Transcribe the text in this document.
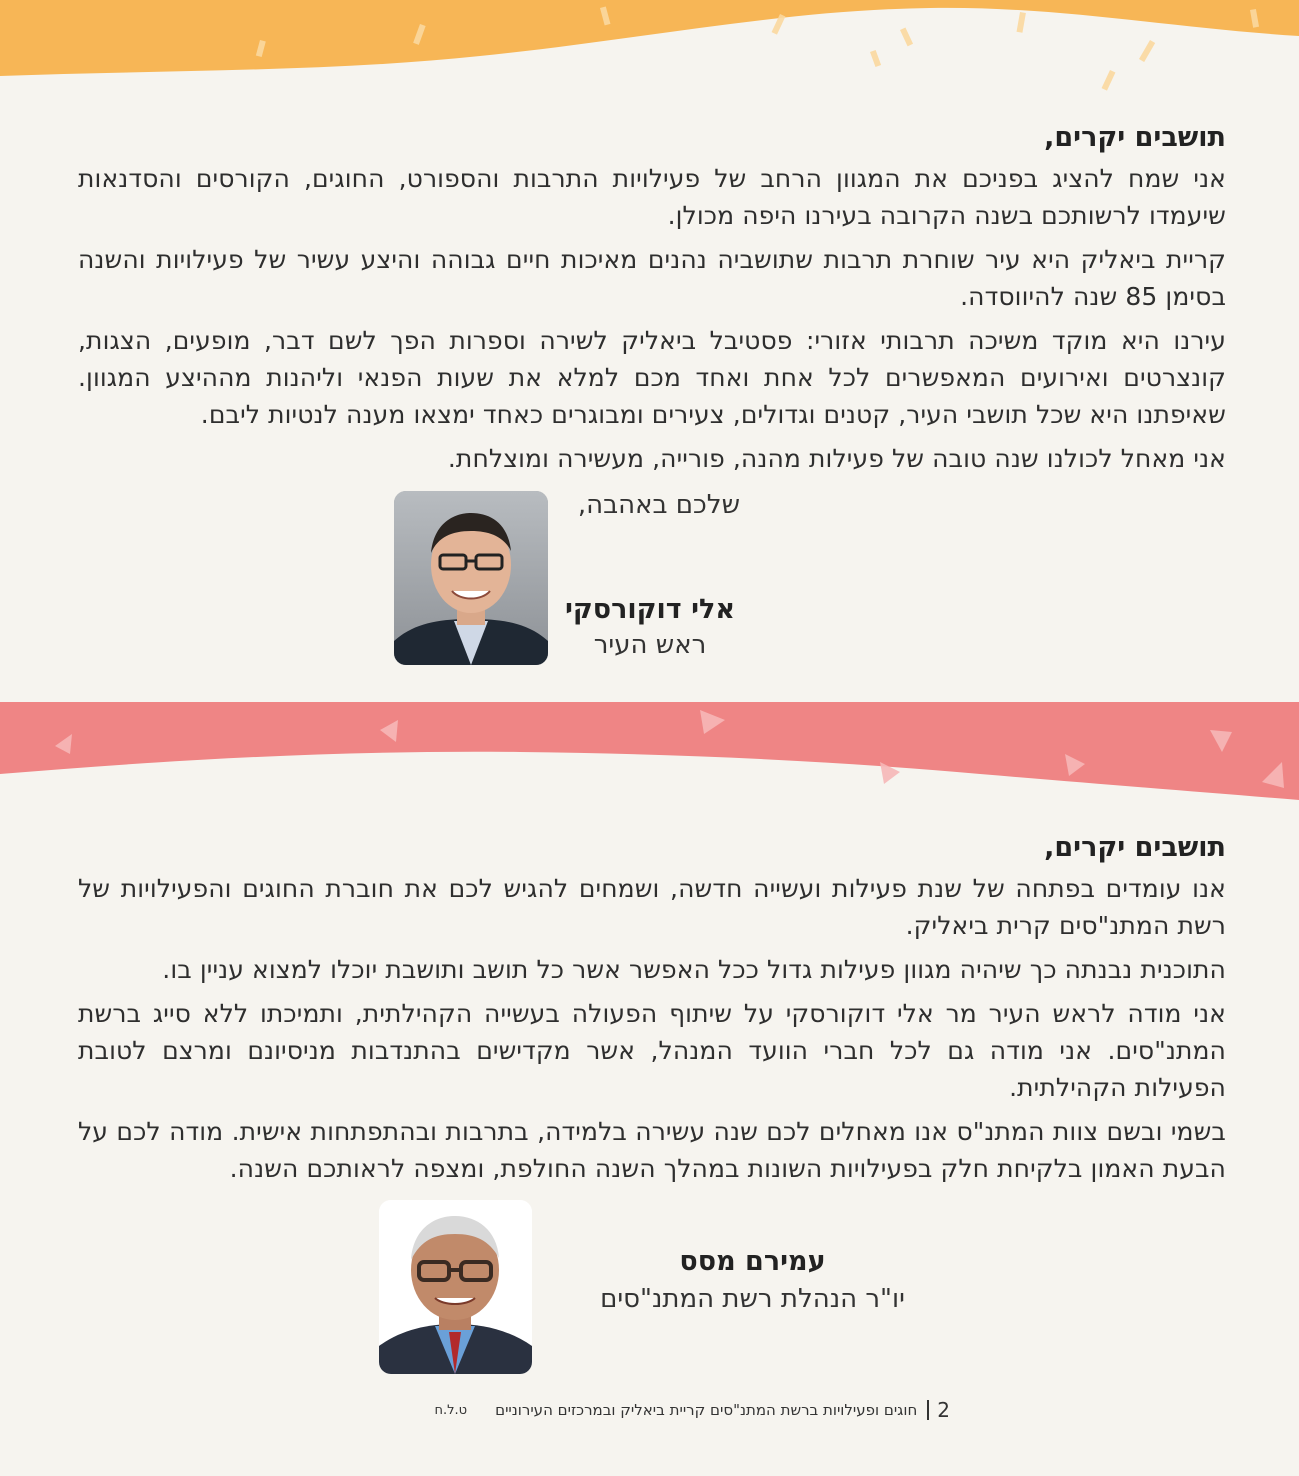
תושבים יקרים,

אני שמח להציג בפניכם את המגוון הרחב של פעילויות התרבות והספורט, החוגים, הקורסים והסדנאות שיעמדו לרשותכם בשנה הקרובה בעירנו היפה מכולן.

קריית ביאליק היא עיר שוחרת תרבות שתושביה נהנים מאיכות חיים גבוהה והיצע עשיר של פעילויות והשנה בסימן 85 שנה להיווסדה.

עירנו היא מוקד משיכה תרבותי אזורי: פסטיבל ביאליק לשירה וספרות הפך לשם דבר, מופעים, הצגות, קונצרטים ואירועים המאפשרים לכל אחת ואחד מכם למלא את שעות הפנאי וליהנות מההיצע המגוון. שאיפתנו היא שכל תושבי העיר, קטנים וגדולים, צעירים ומבוגרים כאחד ימצאו מענה לנטיות ליבם.

אני מאחל לכולנו שנה טובה של פעילות מהנה, פורייה, מעשירה ומוצלחת.

שלכם באהבה,
אלי דוקורסקי
ראש העיר

תושבים יקרים,

אנו עומדים בפתחה של שנת פעילות ועשייה חדשה, ושמחים להגיש לכם את חוברת החוגים והפעילויות של רשת המתנ"סים קרית ביאליק.

התוכנית נבנתה כך שיהיה מגוון פעילות גדול ככל האפשר אשר כל תושב ותושבת יוכלו למצוא עניין בו.

אני מודה לראש העיר מר אלי דוקורסקי על שיתוף הפעולה בעשייה הקהילתית, ותמיכתו ללא סייג ברשת המתנ"סים. אני מודה גם לכל חברי הוועד המנהל, אשר מקדישים בהתנדבות מניסיונם ומרצם לטובת הפעילות הקהילתית.

בשמי ובשם צוות המתנ"ס אנו מאחלים לכם שנה עשירה בלמידה, בתרבות ובהתפתחות אישית. מודה לכם על הבעת האמון בלקיחת חלק בפעילויות השונות במהלך השנה החולפת, ומצפה לראותכם השנה.

עמירם מסס
יו"ר הנהלת רשת המתנ"סים
2
חוגים ופעילויות ברשת המתנ"סים קריית ביאליק ובמרכזים העירוניים
ט.ל.ח
